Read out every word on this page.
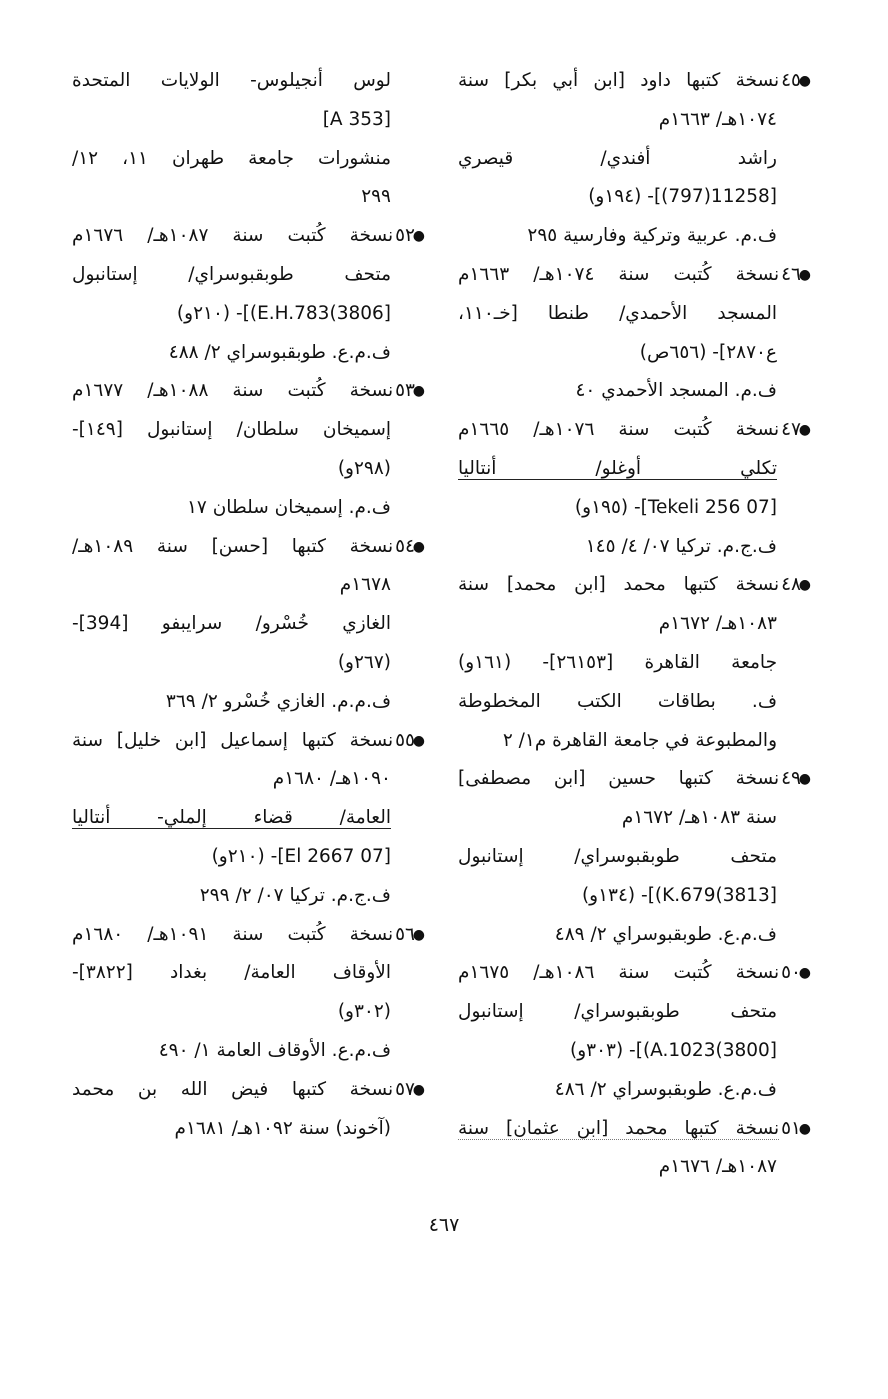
●
٤٥نسخة كتبها داود [ابن أبي بكر] سنة
١٠٧٤هـ/ ١٦٦٣م
راشد أفندي/ قيصري
[11258(797)]- (١٩٤و)
ف.م. عربية وتركية وفارسية ٢٩٥
●
٤٦نسخة كُتبت سنة ١٠٧٤هـ/ ١٦٦٣م
المسجد الأحمدي/ طنطا [خـ١١٠،
ع٢٨٧٠]- (٦٥٦ص)
ف.م. المسجد الأحمدي ٤٠
●
٤٧نسخة كُتبت سنة ١٠٧٦هـ/ ١٦٦٥م
تكلي أوغلو/ أنتاليا
[07 Tekeli 256]- (١٩٥و)
ف.ج.م. تركيا ٠٧/ ٤/ ١٤٥
●
٤٨نسخة كتبها محمد [ابن محمد] سنة
١٠٨٣هـ/ ١٦٧٢م
جامعة القاهرة [٢٦١٥٣]- (١٦١و)
ف. بطاقات الكتب المخطوطة
والمطبوعة في جامعة القاهرة م١/ ٢
●
٤٩نسخة كتبها حسين [ابن مصطفى]
سنة ١٠٨٣هـ/ ١٦٧٢م
متحف طوبقبوسراي/ إستانبول
[3813)K.679)]- (١٣٤و)
ف.م.ع. طوبقبوسراي ٢/ ٤٨٩
●
٥٠نسخة كُتبت سنة ١٠٨٦هـ/ ١٦٧٥م
متحف طوبقبوسراي/ إستانبول
[3800)A.1023)]- (٣٠٣و)
ف.م.ع. طوبقبوسراي ٢/ ٤٨٦
●
٥١نسخة كتبها محمد [ابن عثمان] سنة
١٠٨٧هـ/ ١٦٧٦م
لوس أنجيلوس- الولايات المتحدة
[A 353]
منشورات جامعة طهران ١١، ١٢/
٢٩٩
●
٥٢نسخة كُتبت سنة ١٠٨٧هـ/ ١٦٧٦م
متحف طوبقبوسراي/ إستانبول
[3806)E.H.783)]- (٢١٠و)
ف.م.ع. طوبقبوسراي ٢/ ٤٨٨
●
٥٣نسخة كُتبت سنة ١٠٨٨هـ/ ١٦٧٧م
إسميخان سلطان/ إستانبول [١٤٩]-
(٢٩٨و)
ف.م. إسميخان سلطان ١٧
●
٥٤نسخة كتبها [حسن] سنة ١٠٨٩هـ/
١٦٧٨م
الغازي خُسْرو/ سرايبفو [394]-
(٢٦٧و)
ف.م.م. الغازي خُسْرو ٢/ ٣٦٩
●
٥٥نسخة كتبها إسماعيل [ابن خليل] سنة
١٠٩٠هـ/ ١٦٨٠م
العامة/ قضاء إلملي- أنتاليا
[07 El 2667]- (٢١٠و)
ف.ج.م. تركيا ٠٧/ ٢/ ٢٩٩
●
٥٦نسخة كُتبت سنة ١٠٩١هـ/ ١٦٨٠م
الأوقاف العامة/ بغداد [٣٨٢٢]-
(٣٠٢و)
ف.م.ع. الأوقاف العامة ١/ ٤٩٠
●
٥٧نسخة كتبها فيض الله بن محمد
(آخوند) سنة ١٠٩٢هـ/ ١٦٨١م
٤٦٧
